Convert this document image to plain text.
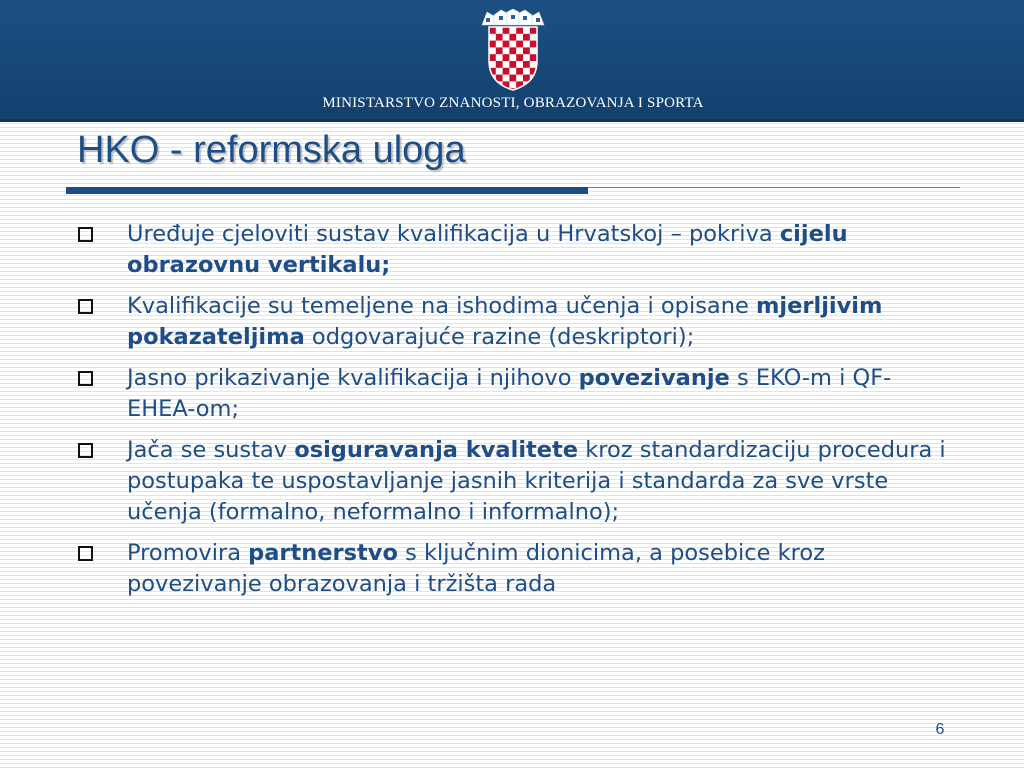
MINISTARSTVO ZNANOSTI, OBRAZOVANJA I SPORTA
HKO - reformska uloga
Uređuje cjeloviti sustav kvalifikacija u Hrvatskoj – pokriva cijelu obrazovnu vertikalu;
Kvalifikacije su temeljene na ishodima učenja i opisane mjerljivim pokazateljima odgovarajuće razine (deskriptori);
Jasno prikazivanje kvalifikacija i njihovo povezivanje s EKO-m i QF-EHEA-om;
Jača se sustav osiguravanja kvalitete kroz standardizaciju procedura i postupaka te uspostavljanje jasnih kriterija i standarda za sve vrste učenja (formalno, neformalno i informalno);
Promovira partnerstvo s ključnim dionicima, a posebice kroz povezivanje obrazovanja i tržišta rada
6
